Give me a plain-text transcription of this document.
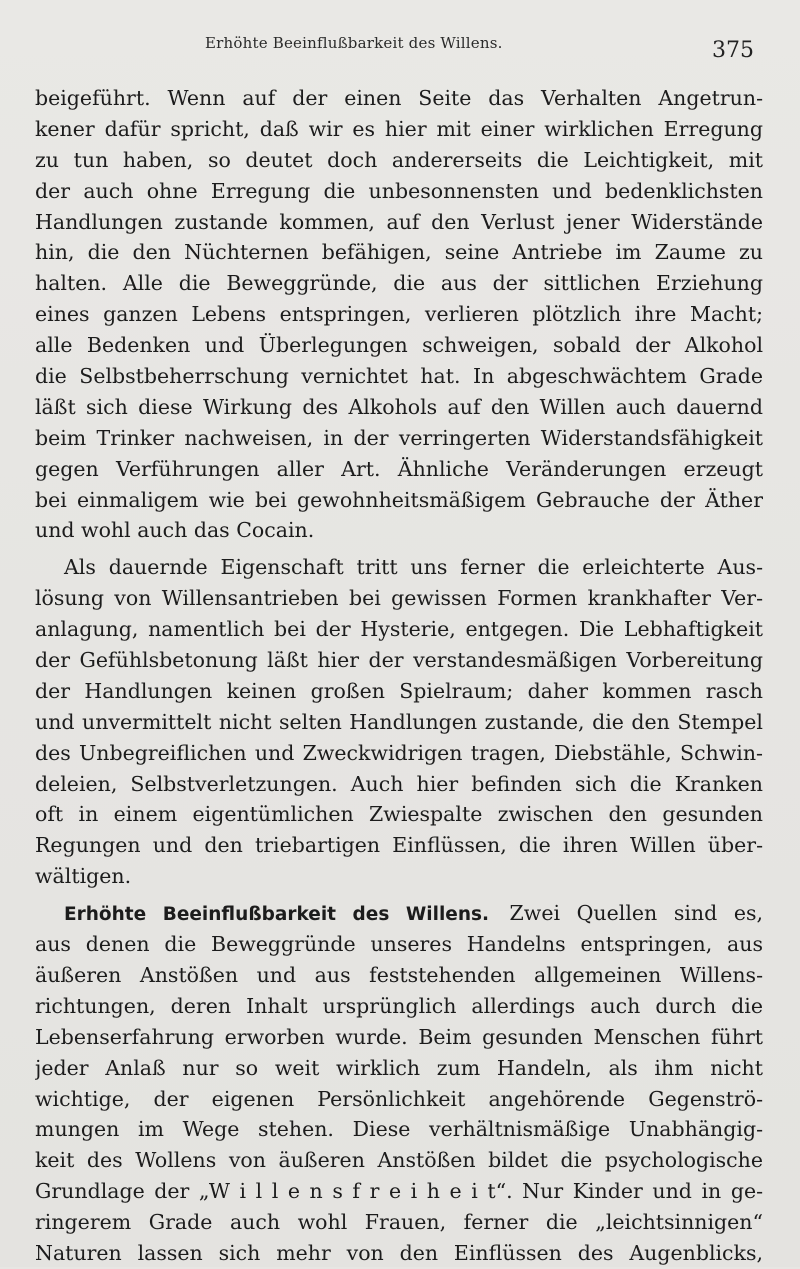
Erhöhte Beeinflußbarkeit des Willens.	375
beigeführt. Wenn auf der einen Seite das Verhalten Angetrun-
kener dafür spricht, daß wir es hier mit einer wirklichen Erregung
zu tun haben, so deutet doch andererseits die Leichtigkeit, mit
der auch ohne Erregung die unbesonnensten und bedenklichsten
Handlungen zustande kommen, auf den Verlust jener Widerstände
hin, die den Nüchternen befähigen, seine Antriebe im Zaume zu
halten. Alle die Beweggründe, die aus der sittlichen Erziehung
eines ganzen Lebens entspringen, verlieren plötzlich ihre Macht;
alle Bedenken und Überlegungen schweigen, sobald der Alkohol
die Selbstbeherrschung vernichtet hat. In abgeschwächtem Grade
läßt sich diese Wirkung des Alkohols auf den Willen auch dauernd
beim Trinker nachweisen, in der verringerten Widerstandsfähigkeit
gegen Verführungen aller Art. Ähnliche Veränderungen erzeugt
bei einmaligem wie bei gewohnheitsmäßigem Gebrauche der Äther
und wohl auch das Cocain.
Als dauernde Eigenschaft tritt uns ferner die erleichterte Aus-
lösung von Willensantrieben bei gewissen Formen krankhafter Ver-
anlagung, namentlich bei der Hysterie, entgegen. Die Lebhaftigkeit
der Gefühlsbetonung läßt hier der verstandesmäßigen Vorbereitung
der Handlungen keinen großen Spielraum; daher kommen rasch
und unvermittelt nicht selten Handlungen zustande, die den Stempel
des Unbegreiflichen und Zweckwidrigen tragen, Diebstähle, Schwin-
deleien, Selbstverletzungen. Auch hier befinden sich die Kranken
oft in einem eigentümlichen Zwiespalte zwischen den gesunden
Regungen und den triebartigen Einflüssen, die ihren Willen über-
wältigen.
Erhöhte Beeinflußbarkeit des Willens.  Zwei Quellen sind es,
aus denen die Beweggründe unseres Handelns entspringen, aus
äußeren Anstößen und aus feststehenden allgemeinen Willens-
richtungen, deren Inhalt ursprünglich allerdings auch durch die
Lebenserfahrung erworben wurde. Beim gesunden Menschen führt
jeder Anlaß nur so weit wirklich zum Handeln, als ihm nicht
wichtige, der eigenen Persönlichkeit angehörende Gegenströ-
mungen im Wege stehen. Diese verhältnismäßige Unabhängig-
keit des Wollens von äußeren Anstößen bildet die psychologische
Grundlage der „W i l l e n s f r e i h e i t“. Nur Kinder und in ge-
ringerem Grade auch wohl Frauen, ferner die „leichtsinnigen“
Naturen lassen sich mehr von den Einflüssen des Augenblicks,
